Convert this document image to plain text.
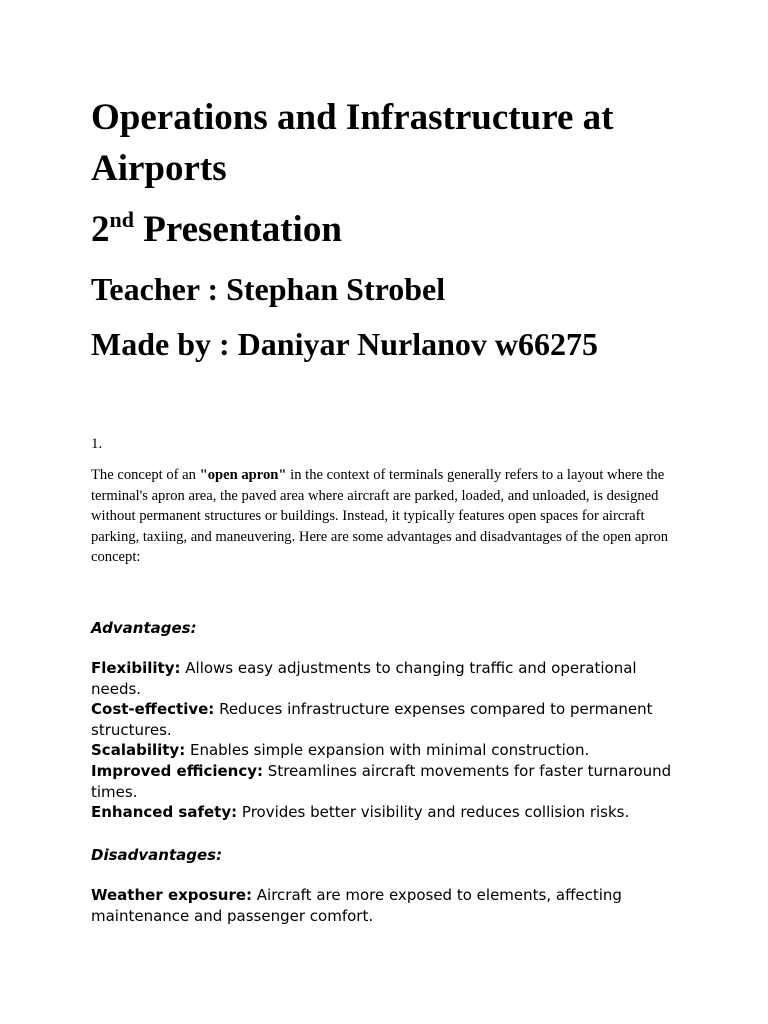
Operations and Infrastructure at Airports
2nd Presentation
Teacher : Stephan Strobel
Made by : Daniyar Nurlanov w66275

1.

The concept of an "open apron" in the context of terminals generally refers to a layout where the terminal's apron area, the paved area where aircraft are parked, loaded, and unloaded, is designed without permanent structures or buildings. Instead, it typically features open spaces for aircraft parking, taxiing, and maneuvering. Here are some advantages and disadvantages of the open apron concept:

Advantages:

Flexibility: Allows easy adjustments to changing traffic and operational needs.
Cost-effective: Reduces infrastructure expenses compared to permanent structures.
Scalability: Enables simple expansion with minimal construction.
Improved efficiency: Streamlines aircraft movements for faster turnaround times.
Enhanced safety: Provides better visibility and reduces collision risks.

Disadvantages:

Weather exposure: Aircraft are more exposed to elements, affecting maintenance and passenger comfort.
